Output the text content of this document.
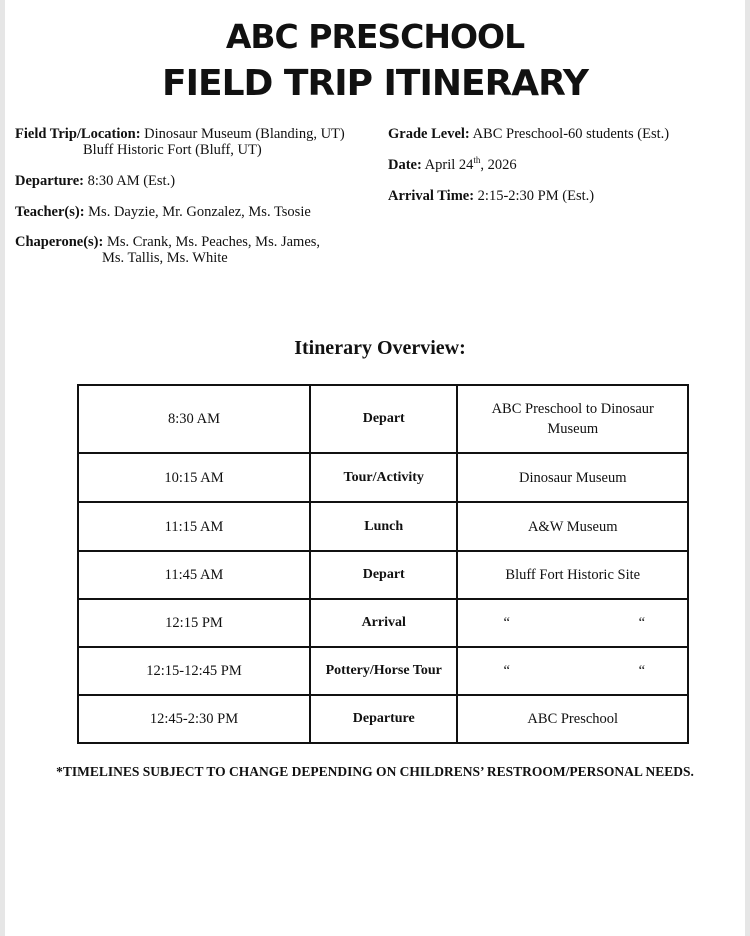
ABC PRESCHOOL
FIELD TRIP ITINERARY
Field Trip/Location: Dinosaur Museum (Blanding, UT)
Bluff Historic Fort (Bluff, UT)
Departure: 8:30 AM (Est.)
Teacher(s): Ms. Dayzie, Mr. Gonzalez, Ms. Tsosie
Chaperone(s): Ms. Crank, Ms. Peaches, Ms. James,
Ms. Tallis, Ms. White
Grade Level: ABC Preschool-60 students (Est.)
Date: April 24th, 2026
Arrival Time: 2:15-2:30 PM (Est.)
Itinerary Overview:
8:30 AM	Depart	ABC Preschool to Dinosaur Museum
10:15 AM	Tour/Activity	Dinosaur Museum
11:15 AM	Lunch	A&W Museum
11:45 AM	Depart	Bluff Fort Historic Site
12:15 PM	Arrival	“ “

12:15-12:45 PM	Pottery/Horse Tour	“ “

12:45-2:30 PM	Departure	ABC Preschool
*TIMELINES SUBJECT TO CHANGE DEPENDING ON CHILDRENS’ RESTROOM/PERSONAL NEEDS.
